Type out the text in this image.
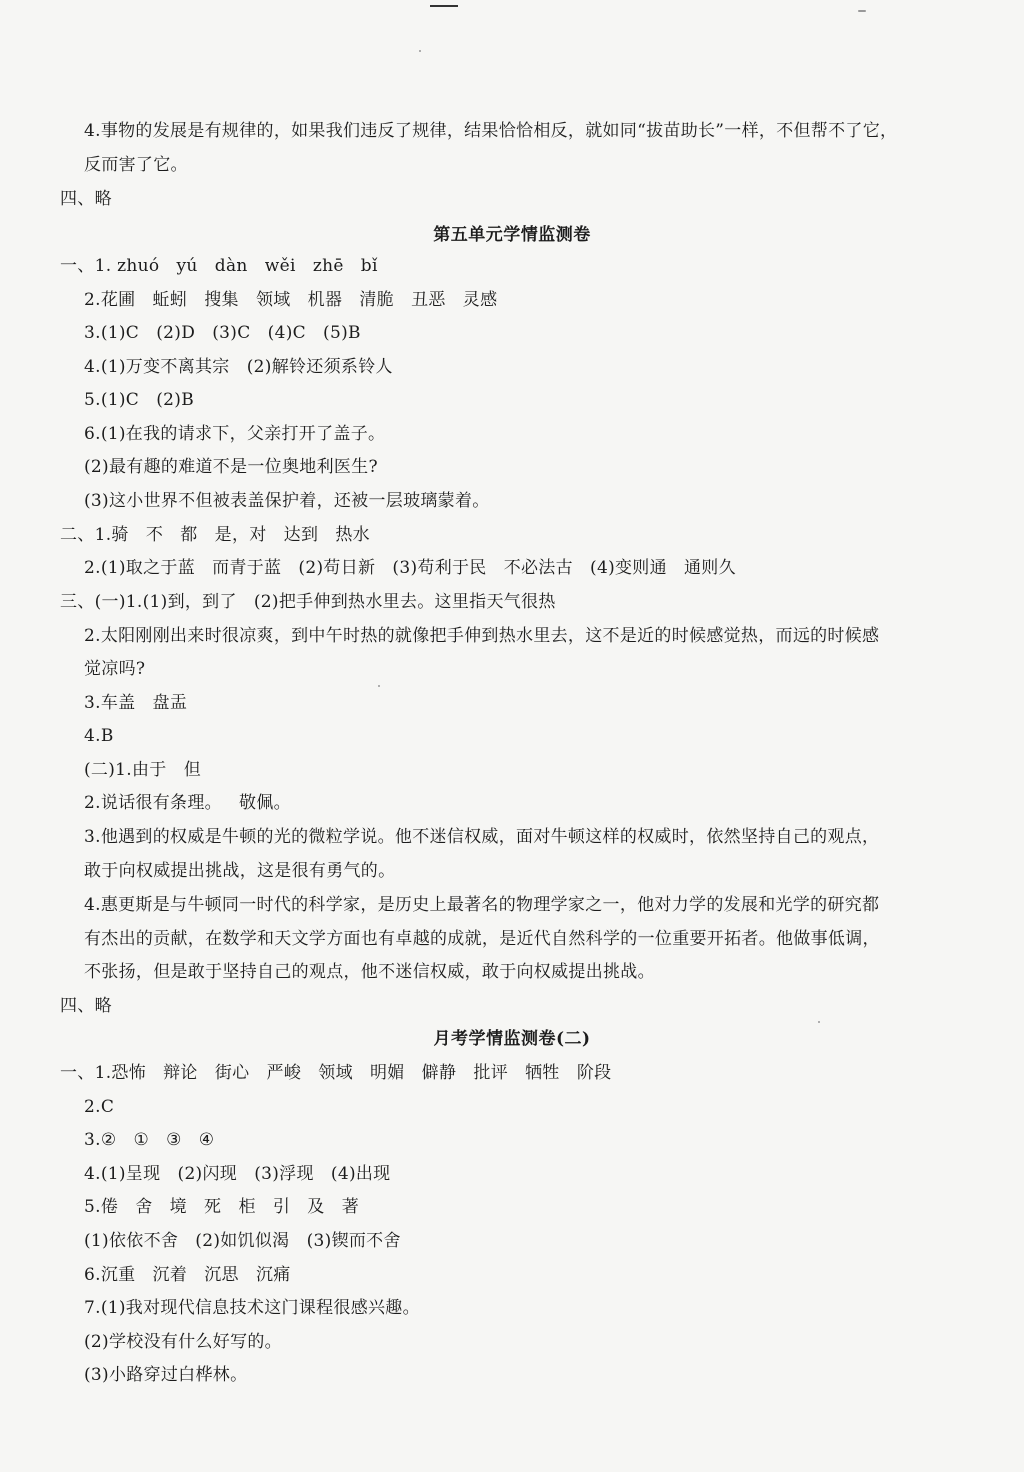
4.事物的发展是有规律的，如果我们违反了规律，结果恰恰相反，就如同“拔苗助长”一样，不但帮不了它，
反而害了它。
四、略
第五单元学情监测卷
一、1. zhuó   yú   dàn   wěi   zhē   bǐ
2.花圃   蚯蚓   搜集   领域   机器   清脆   丑恶   灵感
3.(1)C   (2)D   (3)C   (4)C   (5)B
4.(1)万变不离其宗   (2)解铃还须系铃人
5.(1)C   (2)B
6.(1)在我的请求下，父亲打开了盖子。
(2)最有趣的难道不是一位奥地利医生?
(3)这小世界不但被表盖保护着，还被一层玻璃蒙着。
二、1.骑   不   都   是，对   达到   热水
2.(1)取之于蓝   而青于蓝   (2)苟日新   (3)苟利于民   不必法古   (4)变则通   通则久
三、(一)1.(1)到，到了   (2)把手伸到热水里去。这里指天气很热
2.太阳刚刚出来时很凉爽，到中午时热的就像把手伸到热水里去，这不是近的时候感觉热，而远的时候感
觉凉吗?
3.车盖   盘盂
4.B
(二)1.由于   但
2.说话很有条理。   敬佩。
3.他遇到的权威是牛顿的光的微粒学说。他不迷信权威，面对牛顿这样的权威时，依然坚持自己的观点，
敢于向权威提出挑战，这是很有勇气的。
4.惠更斯是与牛顿同一时代的科学家，是历史上最著名的物理学家之一，他对力学的发展和光学的研究都
有杰出的贡献，在数学和天文学方面也有卓越的成就，是近代自然科学的一位重要开拓者。他做事低调，
不张扬，但是敢于坚持自己的观点，他不迷信权威，敢于向权威提出挑战。
四、略
月考学情监测卷(二)
一、1.恐怖   辩论   街心   严峻   领域   明媚   僻静   批评   牺牲   阶段
2.C
3.②   ①   ③   ④
4.(1)呈现   (2)闪现   (3)浮现   (4)出现
5.倦   舍   境   死   柜   引   及   著
(1)依依不舍   (2)如饥似渴   (3)锲而不舍
6.沉重   沉着   沉思   沉痛
7.(1)我对现代信息技术这门课程很感兴趣。
(2)学校没有什么好写的。
(3)小路穿过白桦林。
